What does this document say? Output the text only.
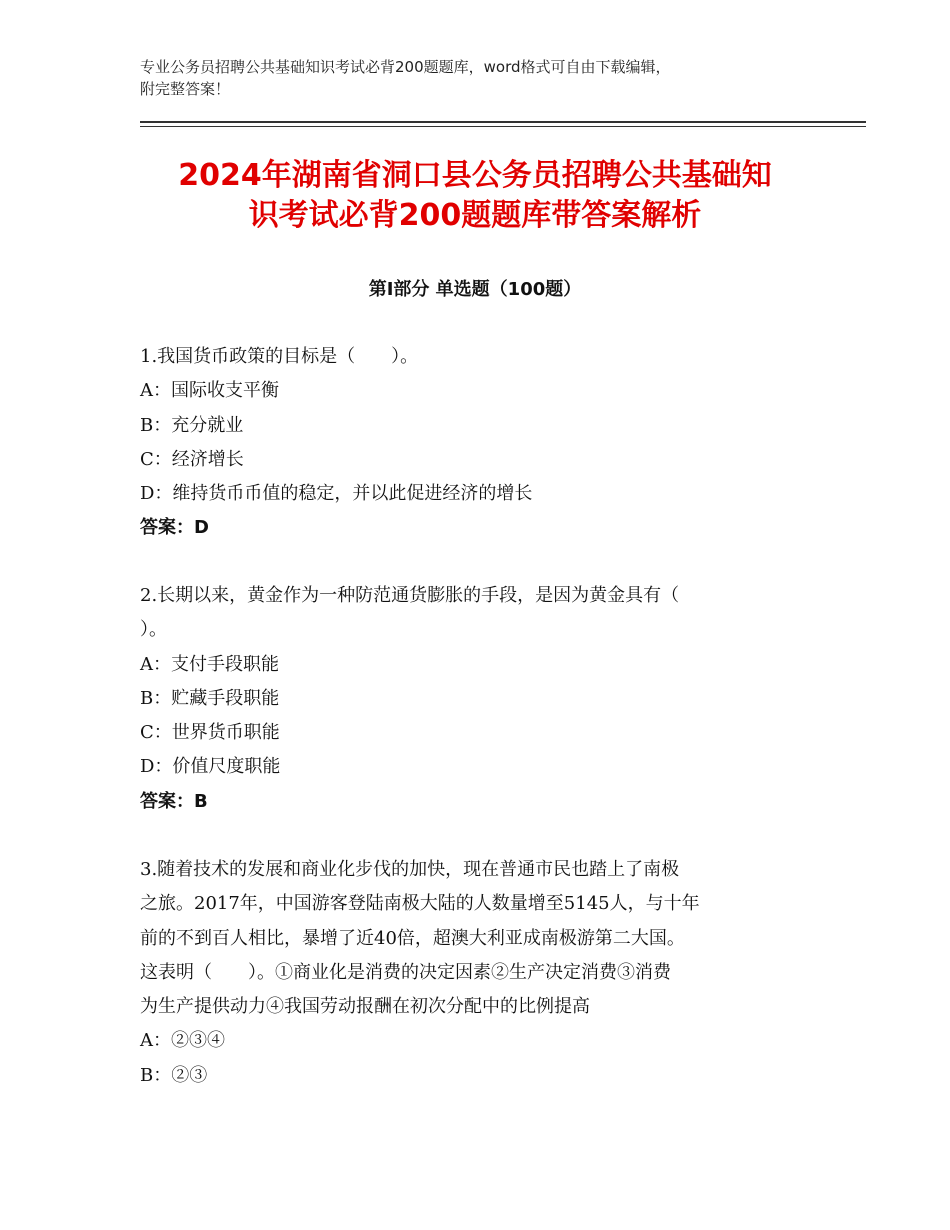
专业公务员招聘公共基础知识考试必背200题题库，word格式可自由下载编辑，
附完整答案！
2024年湖南省洞口县公务员招聘公共基础知
识考试必背200题题库带答案解析
第Ⅰ部分 单选题（100题）
1.我国货币政策的目标是（　　）。
A：国际收支平衡
B：充分就业
C：经济增长
D：维持货币币值的稳定，并以此促进经济的增长
答案：D
2.长期以来，黄金作为一种防范通货膨胀的手段，是因为黄金具有（
）。
A：支付手段职能
B：贮藏手段职能
C：世界货币职能
D：价值尺度职能
答案：B
3.随着技术的发展和商业化步伐的加快，现在普通市民也踏上了南极
之旅。2017年，中国游客登陆南极大陆的人数量增至5145人，与十年
前的不到百人相比，暴增了近40倍，超澳大利亚成南极游第二大国。
这表明（　　）。①商业化是消费的决定因素②生产决定消费③消费
为生产提供动力④我国劳动报酬在初次分配中的比例提高
A：②③④
B：②③
